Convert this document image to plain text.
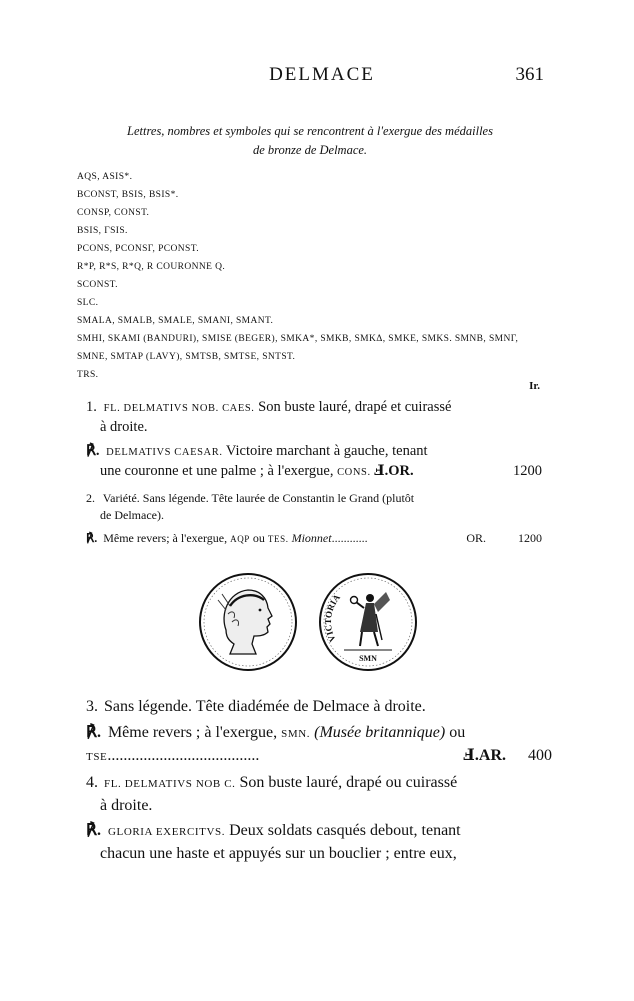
DELMACE	361
Lettres, nombres et symboles qui se rencontrent à l'exergue des médailles
de bronze de Delmace.
AQS, ASIS*.
BCONST, BSIS, BSIS*.
CONSP, CONST.
BSIS, ΓSIS.
PCONS, PCONSΓ, PCONST.
R*P, R*S, R*Q, R COURONNE Q.
SCONST.
SLC.
SMALA, SMALB, SMALΕ, SMANI, SMANT.
SMHI, SKAMI (BANDURI), SMISE (BEGER), SMKA*, SMKB, SMKΔ, SMKΕ, SMKS. SMNB, SMNΓ,
SMNΕ, SMTAP (LAVY), SMTSB, SMTSΕ, SNTST.
TRS.
Ir.
1. FL. DELMATIVS NOB. CAES. Son buste lauré, drapé et cuirassé
à droite.
℟. DELMATIVS CAESAR. Victoire marchant à gauche, tenant
une couronne et une palme ; à l'exergue, CONS. Ⅎ.OR.	1200
2. Variété. Sans légende. Tête laurée de Constantin le Grand (plutôt
de Delmace).
℟. Même revers; à l'exergue, AQP ou TES. Mionnet............	OR.	1200
VICTORIA
SMN
3. Sans légende. Tête diadémée de Delmace à droite.
℟. Même revers ; à l'exergue, SMN. (Musée britannique) ou
TSE......................................	Ⅎ.AR. 400
4. FL. DELMATIVS NOB C. Son buste lauré, drapé ou cuirassé
à droite.
℟. GLORIA EXERCITVS. Deux soldats casqués debout, tenant
chacun une haste et appuyés sur un bouclier ; entre eux,
